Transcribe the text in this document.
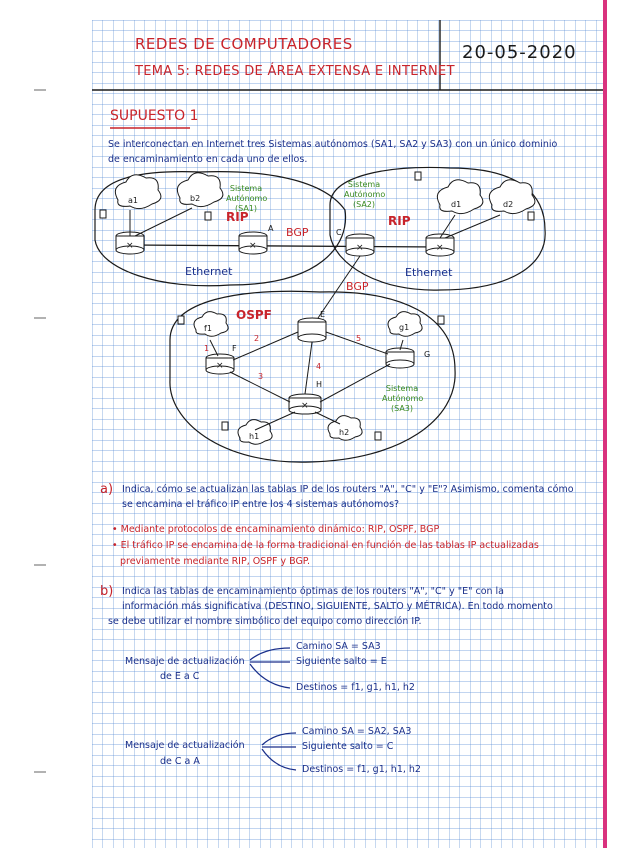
×	×	×	×
×
×
REDES DE COMPUTADORES
TEMA 5: REDES DE ÁREA EXTENSA E INTERNET
20-05-2020
SUPUESTO 1
Se interconectan en Internet tres Sistemas autónomos (SA1, SA2 y SA3) con un único dominio
de encaminamiento en cada uno de ellos.
Sistema Autónomo (SA1)
Sistema Autónomo (SA2)
Sistema Autónomo (SA3)
RIP	RIP
OSPF
BGP
BGP
Ethernet	Ethernet
A	C
E
F
G
H
a1	b2
d1	d2
f1	g1
h1	h2
1
2
3
4
5
a) Indica, cómo se actualizan las tablas IP de los routers "A", "C" y "E"? Asimismo, comenta cómo
se encamina el tráfico IP entre los 4 sistemas autónomos?
• Mediante protocolos de encaminamiento dinámico: RIP, OSPF, BGP
• El tráfico IP se encamina de la forma tradicional en función de las tablas IP actualizadas
previamente mediante RIP, OSPF y BGP.
b) Indica las tablas de encaminamiento óptimas de los routers "A", "C" y "E" con la
información más significativa (DESTINO, SIGUIENTE, SALTO y MÉTRICA). En todo momento
se debe utilizar el nombre simbólico del equipo como dirección IP.
Mensaje de actualización
de E a C
Camino SA = SA3
Siguiente salto = E
Destinos = f1, g1, h1, h2
Mensaje de actualización
de C a A
Camino SA = SA2, SA3
Siguiente salto = C
Destinos = f1, g1, h1, h2
